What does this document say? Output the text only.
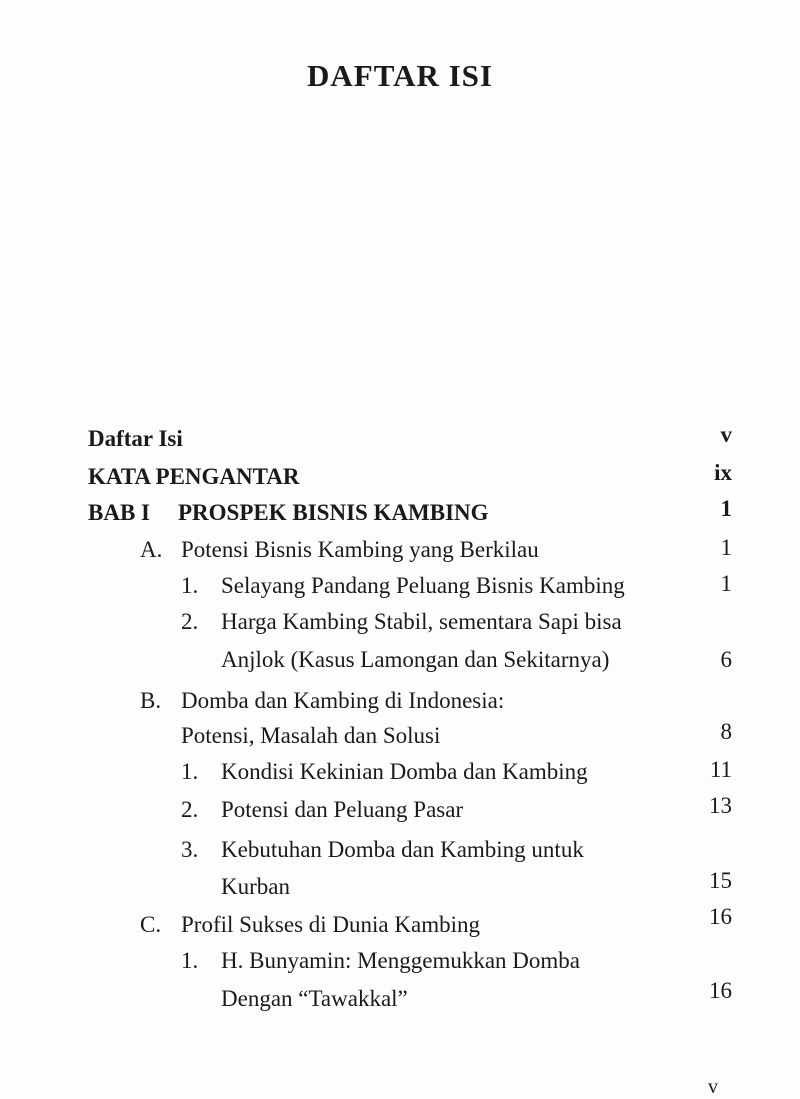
DAFTAR ISI
Daftar Isi	v
KATA PENGANTAR	ix
BAB I PROSPEK BISNIS KAMBING	1
A. Potensi Bisnis Kambing yang Berkilau	1
1. Selayang Pandang Peluang Bisnis Kambing	1
2. Harga Kambing Stabil, sementara Sapi bisa
Anjlok (Kasus Lamongan dan Sekitarnya)	6
B. Domba dan Kambing di Indonesia:
Potensi, Masalah dan Solusi	8
1. Kondisi Kekinian Domba dan Kambing	11
2. Potensi dan Peluang Pasar	13
3. Kebutuhan Domba dan Kambing untuk
Kurban	15
C. Profil Sukses di Dunia Kambing	16
1. H. Bunyamin: Menggemukkan Domba
Dengan “Tawakkal”	16
v
